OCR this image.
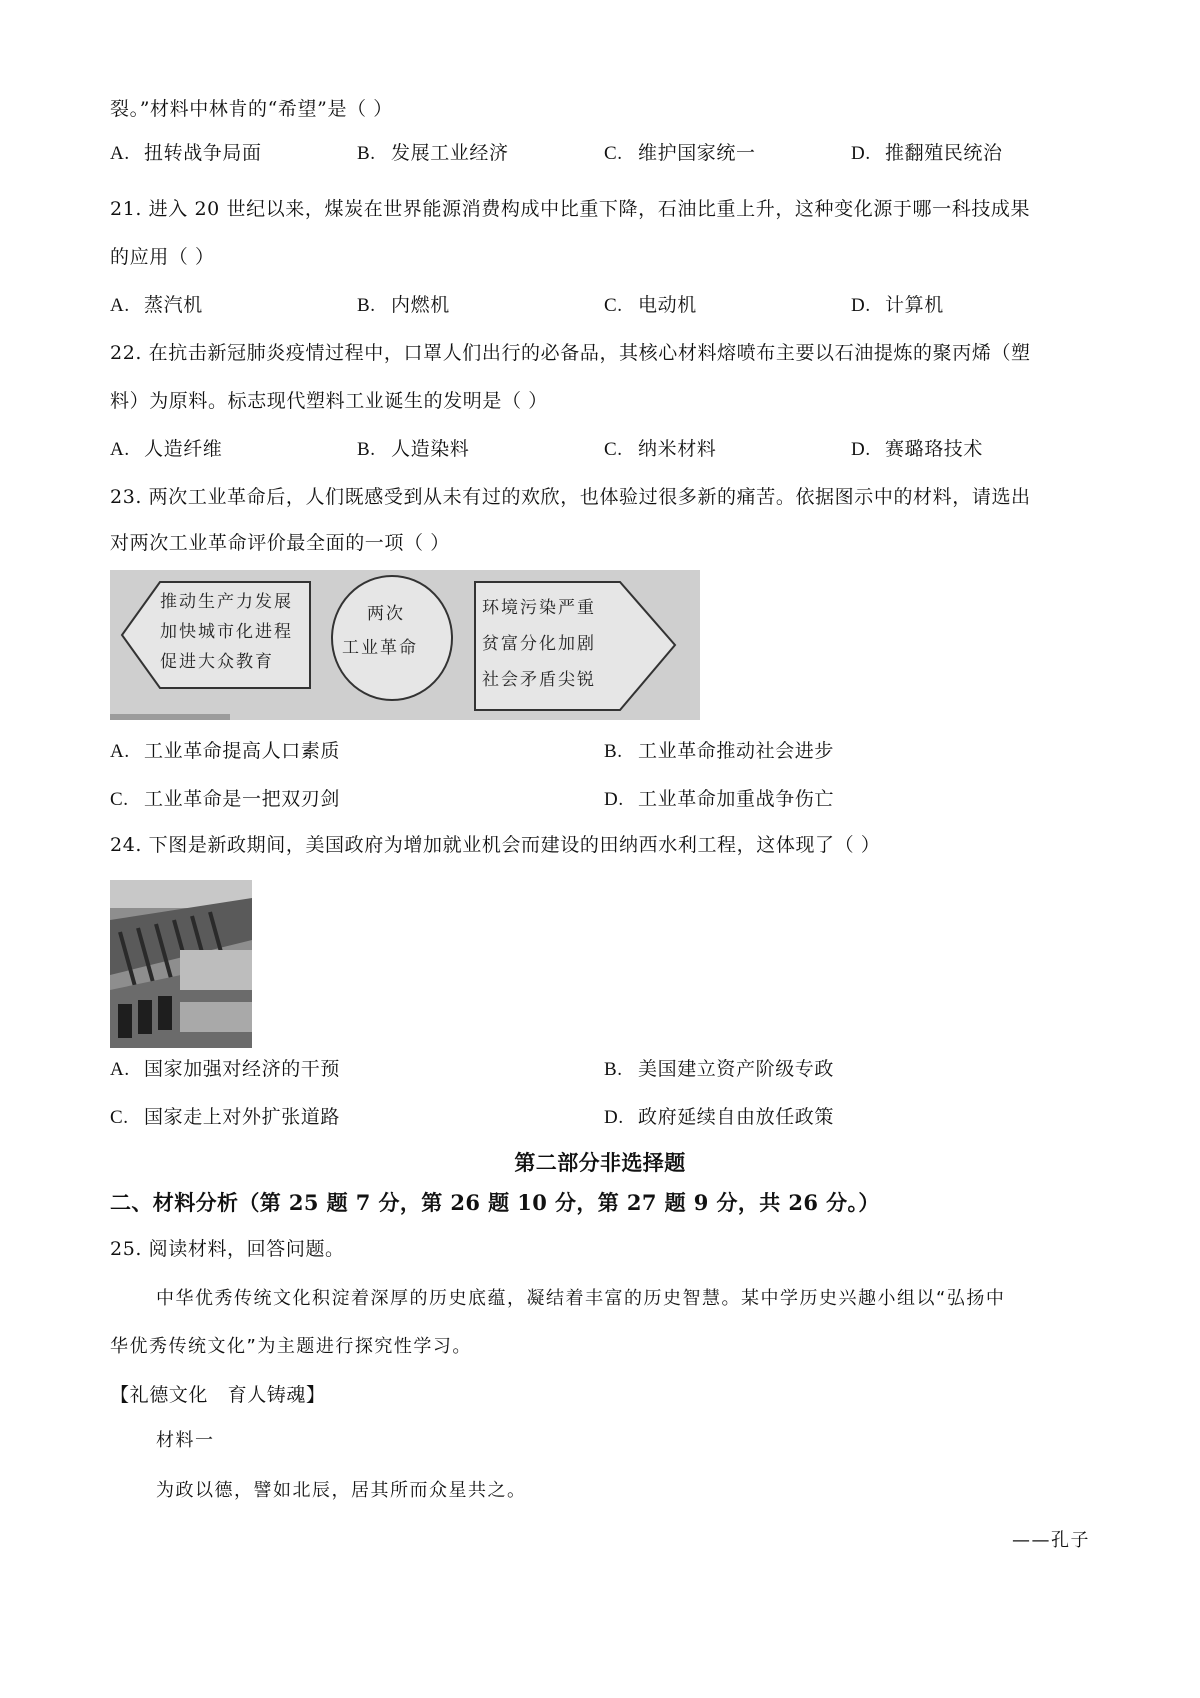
裂。”材料中林肯的“希望”是（ ）
A. 扭转战争局面	B. 发展工业经济	C. 维护国家统一	D. 推翻殖民统治
21. 进入 20 世纪以来，煤炭在世界能源消费构成中比重下降，石油比重上升，这种变化源于哪一科技成果
的应用（ ）
A. 蒸汽机	B. 内燃机	C. 电动机	D. 计算机
22. 在抗击新冠肺炎疫情过程中，口罩人们出行的必备品，其核心材料熔喷布主要以石油提炼的聚丙烯（塑
料）为原料。标志现代塑料工业诞生的发明是（ ）
A. 人造纤维	B. 人造染料	C. 纳米材料	D. 赛璐珞技术
23. 两次工业革命后，人们既感受到从未有过的欢欣，也体验过很多新的痛苦。依据图示中的材料，请选出
对两次工业革命评价最全面的一项（ ）
推动生产力发展
加快城市化进程
促进大众教育
两次
工业革命
环境污染严重
贫富分化加剧
社会矛盾尖锐
A. 工业革命提高人口素质	B. 工业革命推动社会进步
C. 工业革命是一把双刃剑	D. 工业革命加重战争伤亡
24. 下图是新政期间，美国政府为增加就业机会而建设的田纳西水利工程，这体现了（ ）
A. 国家加强对经济的干预	B. 美国建立资产阶级专政
C. 国家走上对外扩张道路	D. 政府延续自由放任政策
第二部分非选择题
二、材料分析（第 25 题 7 分，第 26 题 10 分，第 27 题 9 分，共 26 分。）
25. 阅读材料，回答问题。
中华优秀传统文化积淀着深厚的历史底蕴，凝结着丰富的历史智慧。某中学历史兴趣小组以“弘扬中
华优秀传统文化”为主题进行探究性学习。
【礼德文化　育人铸魂】
材料一
为政以德，譬如北辰，居其所而众星共之。
——孔子
